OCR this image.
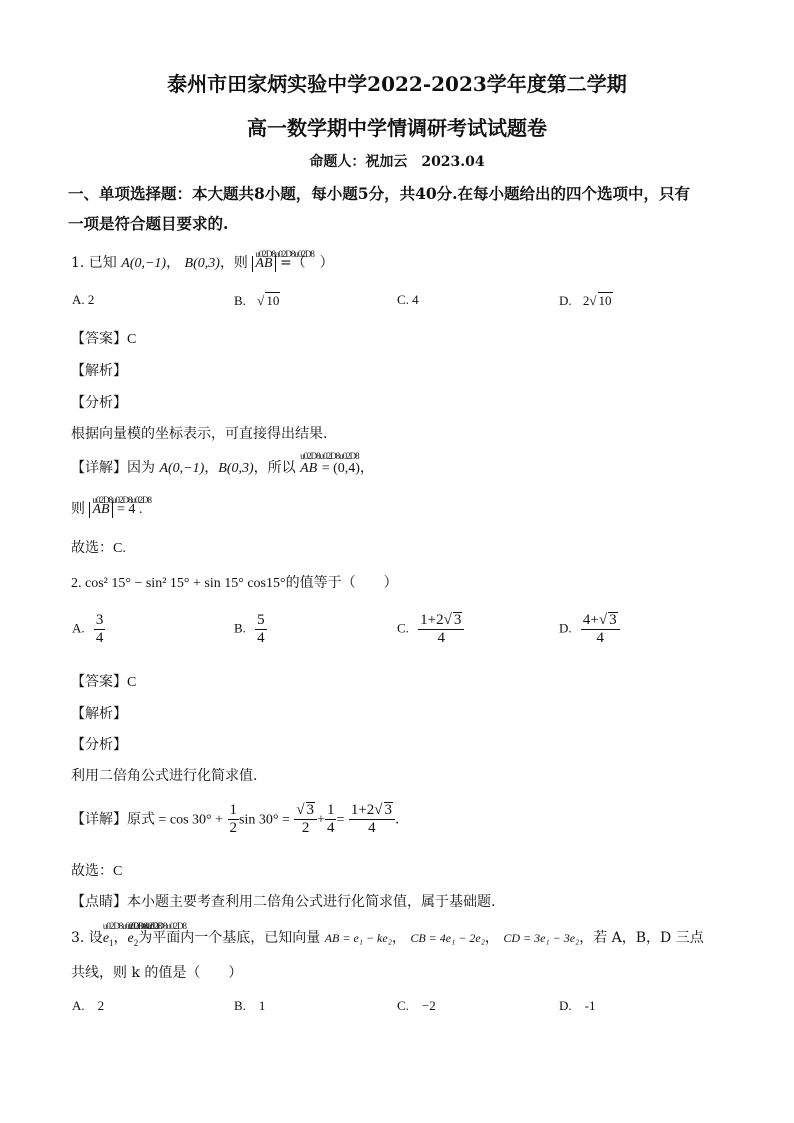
泰州市田家炳实验中学2022-2023学年度第二学期
高一数学期中学情调研考试试题卷
命题人：祝加云　2023.04
一、单项选择题：本大题共8小题，每小题5分，共40分.在每小题给出的四个选项中，只有
一项是符合题目要求的.
1. 已知 A(0,−1)， B(0,3)，则 u02D8u02D8u02D8 AB =（　）
A. 2	B. √ 10	C. 4	D. 2√ 10
【答案】C
【解析】
【分析】
根据向量模的坐标表示，可直接得出结果.
【详解】因为 A(0,−1)，B(0,3)，所以 u02D8u02D8u02D8 AB = (0,4)，
则 u02D8u02D8u02D8 AB = 4 .
故选：C.
2. cos² 15° − sin² 15° + sin 15° cos15°的值等于（　　）
A. $\frac{3}{4}$	B. $\frac{5}{4}$	C. $\frac{1+2√ 3}{4}$	D. $\frac{4+√ 3}{4}$
【答案】C
【解析】
【分析】
利用二倍角公式进行化简求值.
【详解】原式 = $\cos 30^\circ + \frac{1}{2}$ $\sin 30^\circ = \frac{√ 3}{2} + \frac{1}{4} = \frac{1+2√ 3}{4}$ .
故选：C
【点睛】本小题主要考查利用二倍角公式进行化简求值，属于基础题.
3. 设u02D8u02D8u02D8 $e_1$，u02D8u02D8u02D8 $e_2$为平面内一个基底，已知向量 AB = e₁ − ke₂， CB = 4e₁ − 2e₂， CD = 3e₁ − 3e₂，若 A，B，D 三点
共线，则 k 的值是（　　）
A.　2	B.　1	C.　−2	D.　-1
